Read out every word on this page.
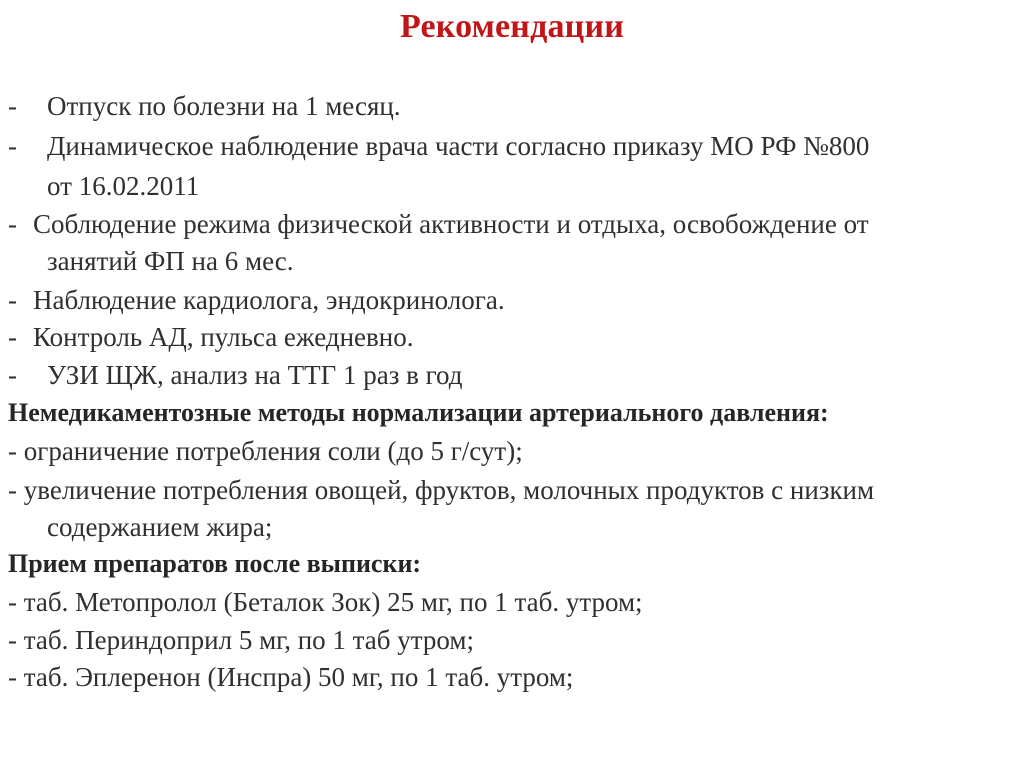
Рекомендации
- Отпуск по болезни на 1 месяц.
- Динамическое наблюдение врача части согласно приказу МО РФ №800
от 16.02.2011
- Соблюдение режима физической активности и отдыха, освобождение от
занятий ФП на 6 мес.
- Наблюдение кардиолога, эндокринолога.
- Контроль АД, пульса ежедневно.
- УЗИ ЩЖ, анализ на ТТГ 1 раз в год
Немедикаментозные методы нормализации артериального давления:
- ограничение потребления соли (до 5 г/сут);
- увеличение потребления овощей, фруктов, молочных продуктов с низким
содержанием жира;
Прием препаратов после выписки:
- таб. Метопролол (Беталок Зок) 25 мг, по 1 таб. утром;
- таб. Периндоприл 5 мг, по 1 таб утром;
- таб. Эплеренон (Инспра) 50 мг, по 1 таб. утром;
